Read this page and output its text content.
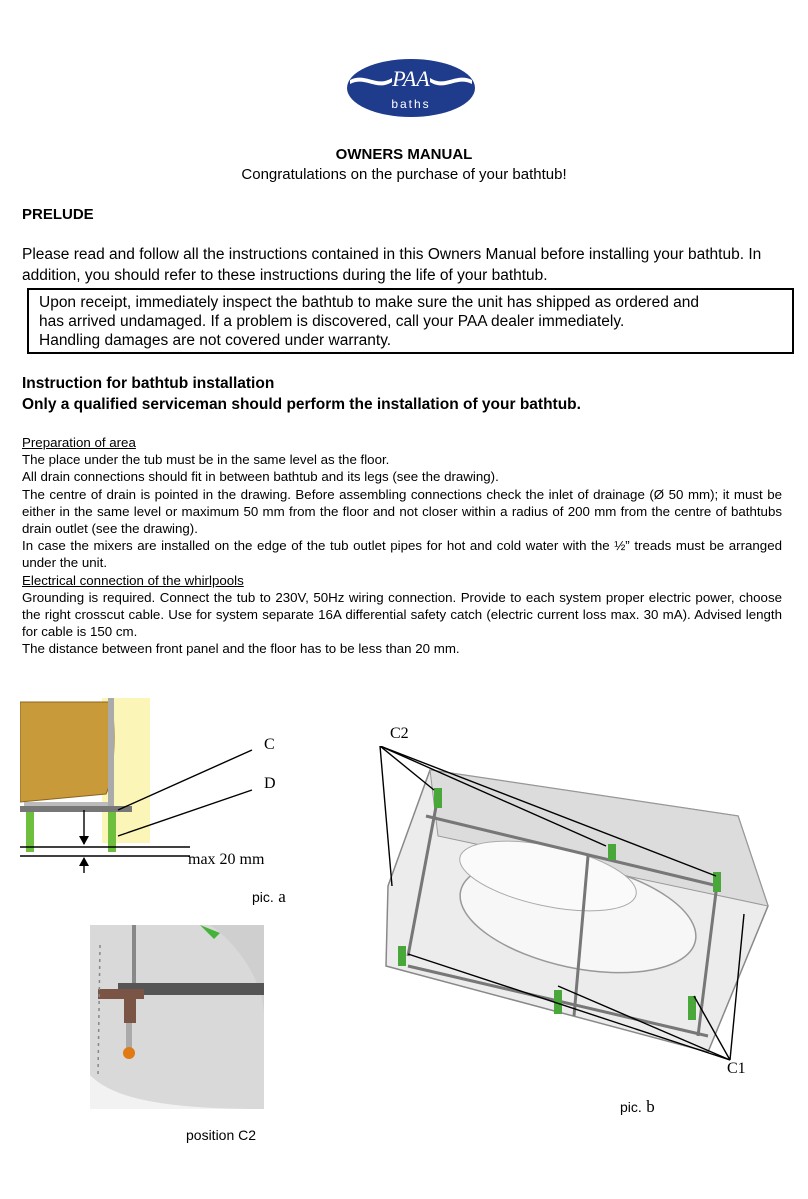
PAA
baths
OWNERS MANUAL
Congratulations on the purchase of your bathtub!
PRELUDE
Please read and follow all the instructions contained in this Owners Manual before installing your bathtub. In addition, you should refer to these instructions during the life of your bathtub.
Upon receipt, immediately inspect the bathtub to make sure the unit has shipped as ordered and
has arrived undamaged. If a problem is discovered, call your PAA dealer immediately.
Handling damages are not covered under warranty.
Instruction for bathtub installation
Only a qualified serviceman should perform the installation of your bathtub.
Preparation of area

The place under the tub must be in the same level as the floor.

All drain connections should fit in between bathtub and its legs (see the drawing).

The centre of drain is pointed in the drawing. Before assembling connections check the inlet of drainage (Ø 50 mm); it must be either in the same level or maximum 50 mm from the floor and not closer within a radius of 200 mm from the centre of bathtubs drain outlet (see the drawing).

In case the mixers are installed on the edge of the tub outlet pipes for hot and cold water with the ½” treads must be arranged under the unit.

Electrical connection of the whirlpools

Grounding is required. Connect the tub to 230V, 50Hz wiring connection. Provide to each system proper electric power, choose the right crosscut cable. Use for system separate 16A differential safety catch (electric current loss max. 30 mA). Advised length for cable is 150 cm.

The distance between front panel and the floor has to be less than 20 mm.

C
D
max 20 mm
pic. a
position C2
C2
C1
pic. b
